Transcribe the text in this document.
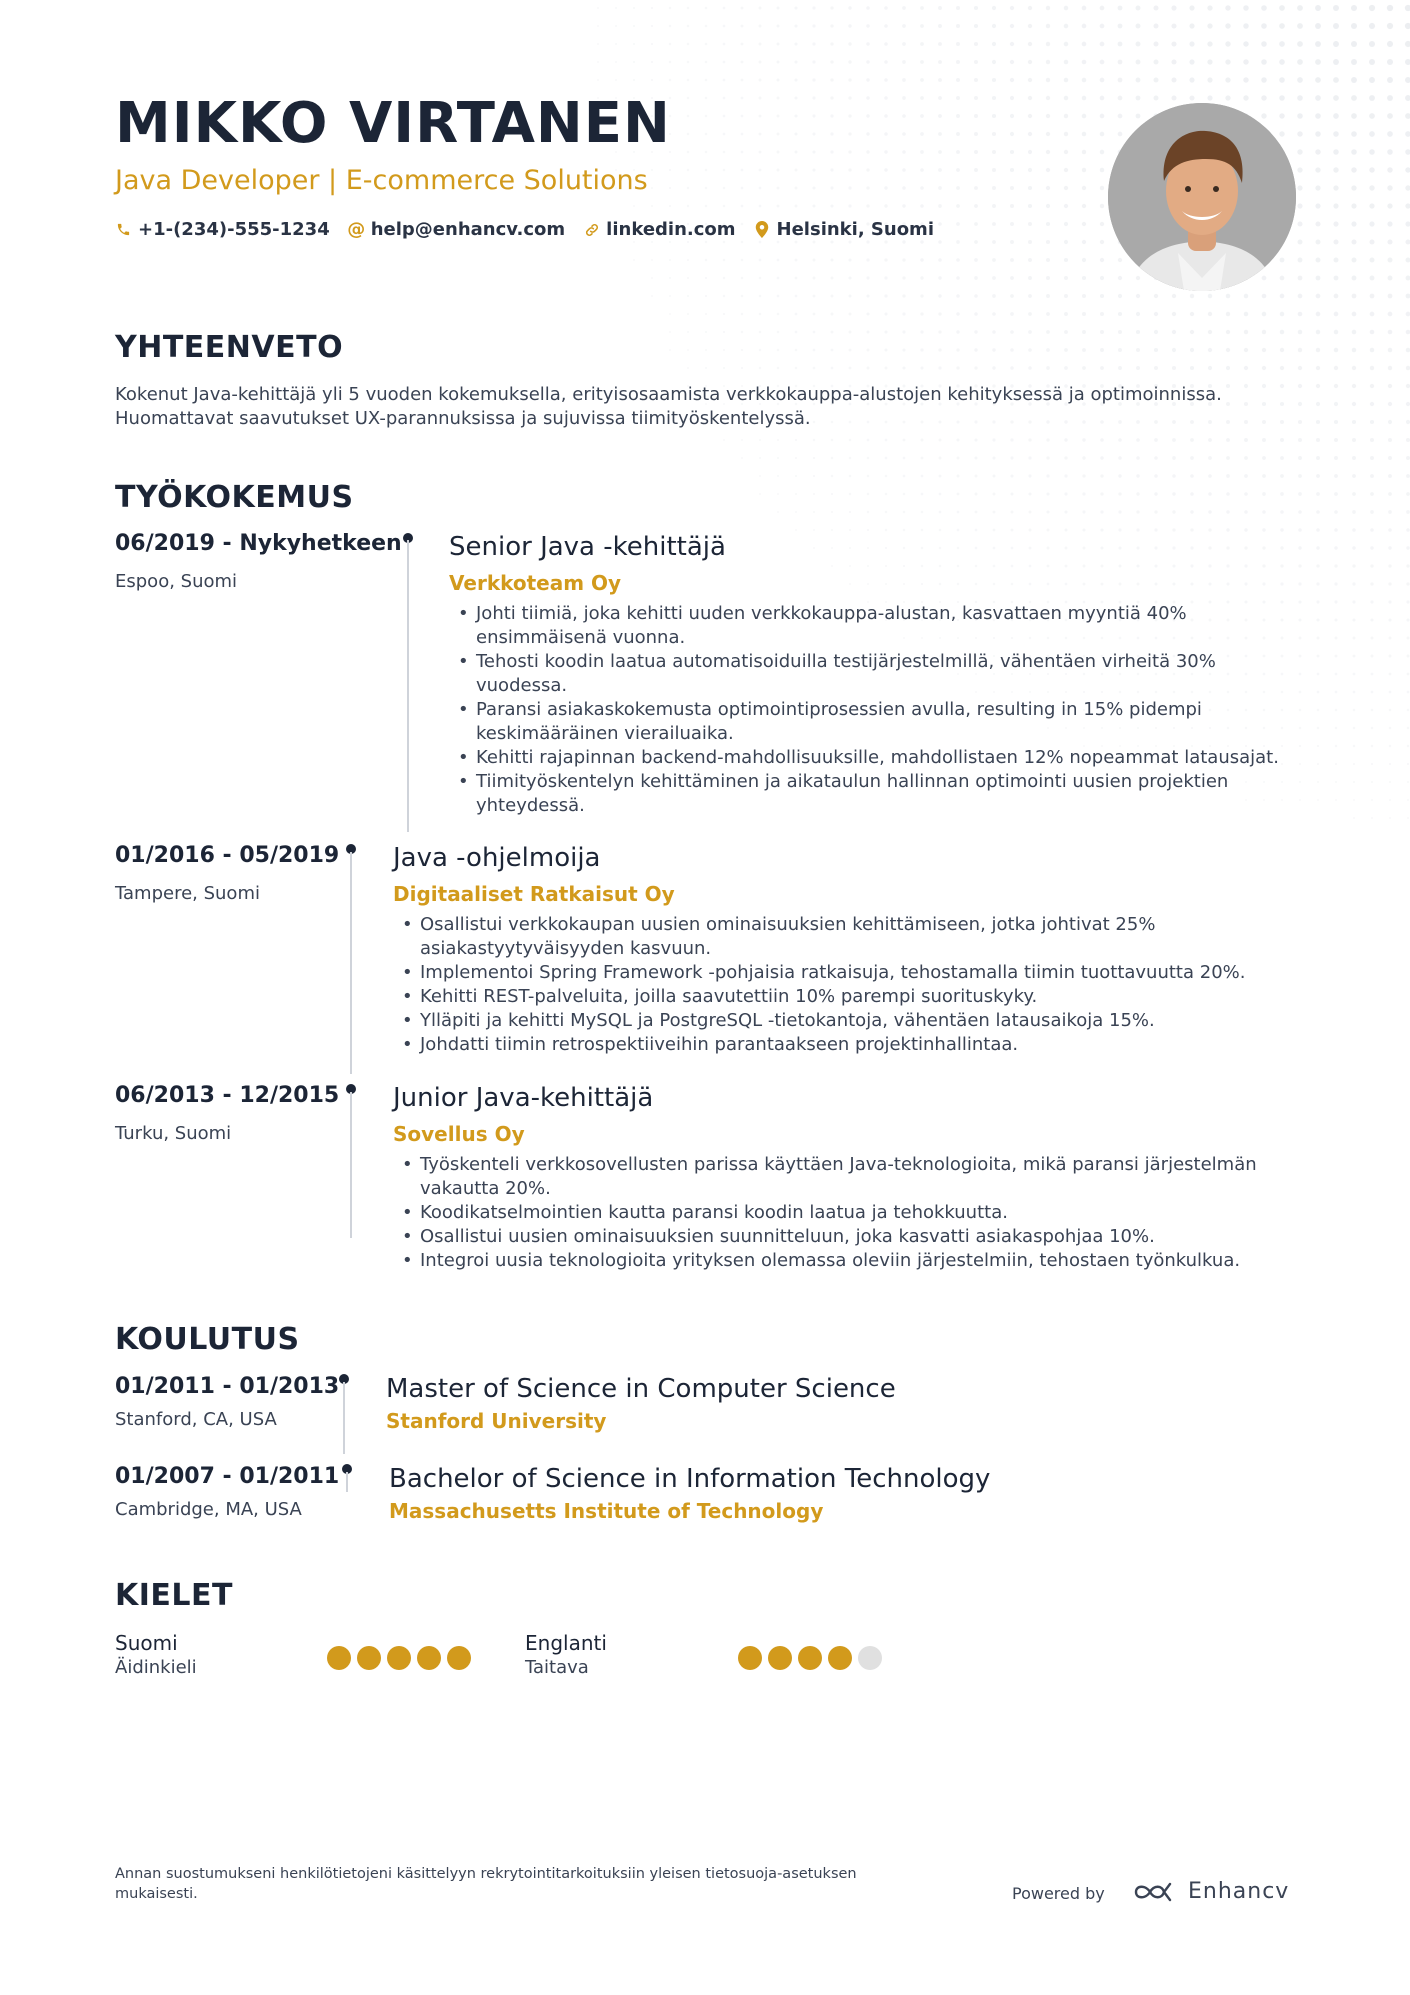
MIKKO VIRTANEN
Java Developer | E-commerce Solutions
+1-(234)-555-1234 @ help@enhancv.com linkedin.com Helsinki, Suomi
YHTEENVETO
Kokenut Java-kehittäjä yli 5 vuoden kokemuksella, erityisosaamista verkkokauppa-alustojen kehityksessä ja optimoinnissa. Huomattavat saavutukset UX-parannuksissa ja sujuvissa tiimityöskentelyssä.
TYÖKOKEMUS
06/2019 - Nykyhetkeen
Espoo, Suomi
Senior Java -kehittäjä
Verkkoteam Oy
• Johti tiimiä, joka kehitti uuden verkkokauppa-alustan, kasvattaen myyntiä 40% ensimmäisenä vuonna.
• Tehosti koodin laatua automatisoiduilla testijärjestelmillä, vähentäen virheitä 30% vuodessa.
• Paransi asiakaskokemusta optimointiprosessien avulla, resulting in 15% pidempi keskimääräinen vierailuaika.
• Kehitti rajapinnan backend-mahdollisuuksille, mahdollistaen 12% nopeammat latausajat.
• Tiimityöskentelyn kehittäminen ja aikataulun hallinnan optimointi uusien projektien yhteydessä.
01/2016 - 05/2019
Tampere, Suomi
Java -ohjelmoija
Digitaaliset Ratkaisut Oy
• Osallistui verkkokaupan uusien ominaisuuksien kehittämiseen, jotka johtivat 25% asiakastyytyväisyyden kasvuun.
• Implementoi Spring Framework -pohjaisia ratkaisuja, tehostamalla tiimin tuottavuutta 20%.
• Kehitti REST-palveluita, joilla saavutettiin 10% parempi suorituskyky.
• Ylläpiti ja kehitti MySQL ja PostgreSQL -tietokantoja, vähentäen latausaikoja 15%.
• Johdatti tiimin retrospektiiveihin parantaakseen projektinhallintaa.
06/2013 - 12/2015
Turku, Suomi
Junior Java-kehittäjä
Sovellus Oy
• Työskenteli verkkosovellusten parissa käyttäen Java-teknologioita, mikä paransi järjestelmän vakautta 20%.
• Koodikatselmointien kautta paransi koodin laatua ja tehokkuutta.
• Osallistui uusien ominaisuuksien suunnitteluun, joka kasvatti asiakaspohjaa 10%.
• Integroi uusia teknologioita yrityksen olemassa oleviin järjestelmiin, tehostaen työnkulkua.
KOULUTUS
01/2011 - 01/2013
Stanford, CA, USA
Master of Science in Computer Science
Stanford University
01/2007 - 01/2011
Cambridge, MA, USA
Bachelor of Science in Information Technology
Massachusetts Institute of Technology
KIELET
Suomi
Äidinkieli
Englanti
Taitava
Annan suostumukseni henkilötietojeni käsittelyyn rekrytointitarkoituksiin yleisen tietosuoja-asetuksen mukaisesti.	Powered by	Enhancv
